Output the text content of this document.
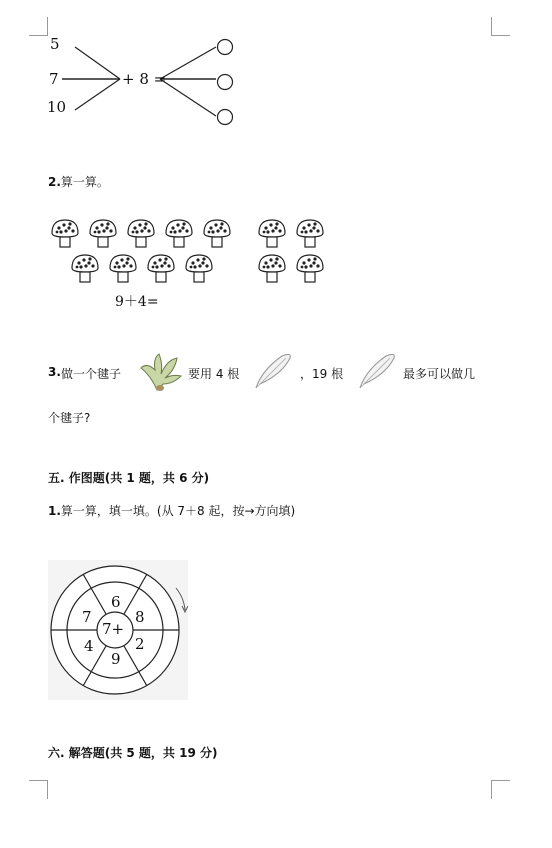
5
7
10
+ 8 =
2.算一算。
9＋4=
3. 做一个毽子	要用 4 根	，19 根	最多可以做几
个毽子?
五. 作图题(共 1 题，共 6 分)
1.算一算，填一填。(从 7＋8 起，按→方向填)
7+
6
8
2
9
4
7
六. 解答题(共 5 题，共 19 分)
